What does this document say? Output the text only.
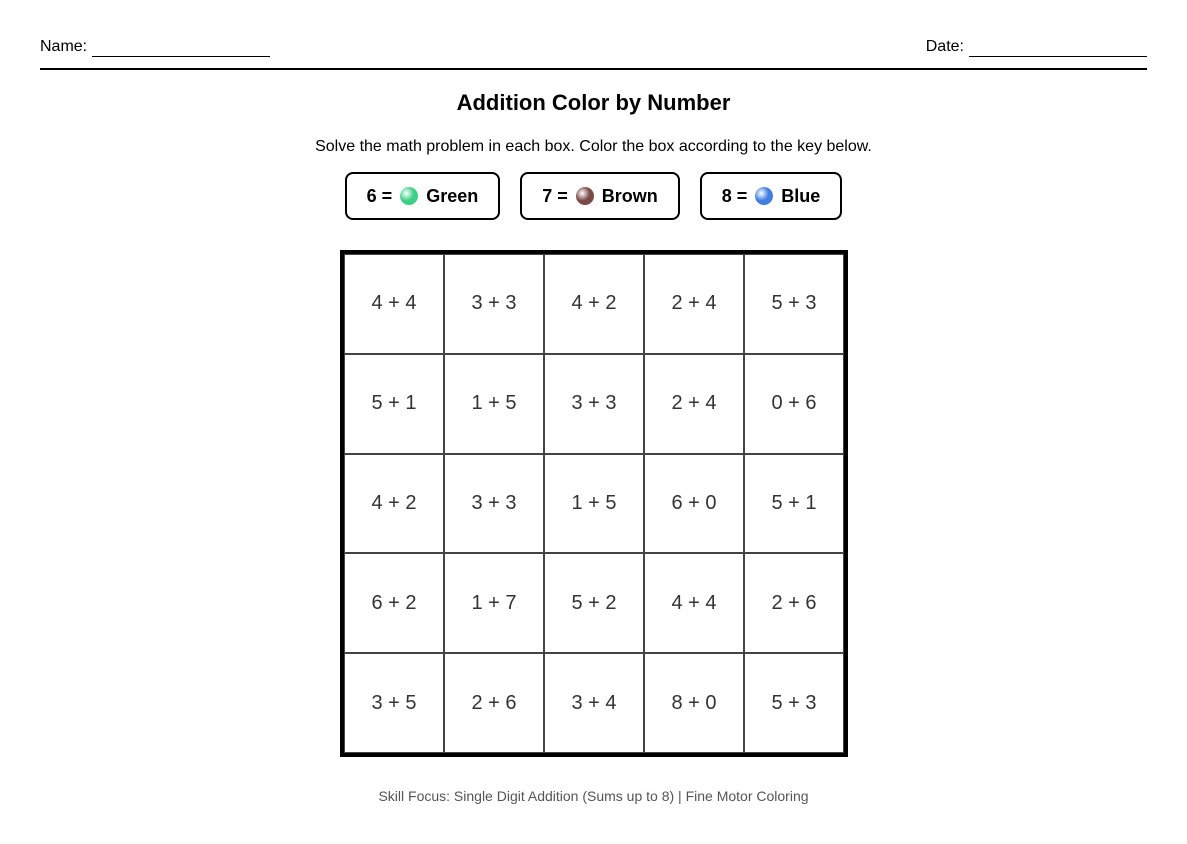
Name:	Date:
Addition Color by Number
Solve the math problem in each box. Color the box according to the key below.
6 = Green	7 = Brown	8 = Blue
4 + 4	3 + 3	4 + 2	2 + 4	5 + 3
5 + 1	1 + 5	3 + 3	2 + 4	0 + 6
4 + 2	3 + 3	1 + 5	6 + 0	5 + 1
6 + 2	1 + 7	5 + 2	4 + 4	2 + 6
3 + 5	2 + 6	3 + 4	8 + 0	5 + 3
Skill Focus: Single Digit Addition (Sums up to 8) | Fine Motor Coloring
